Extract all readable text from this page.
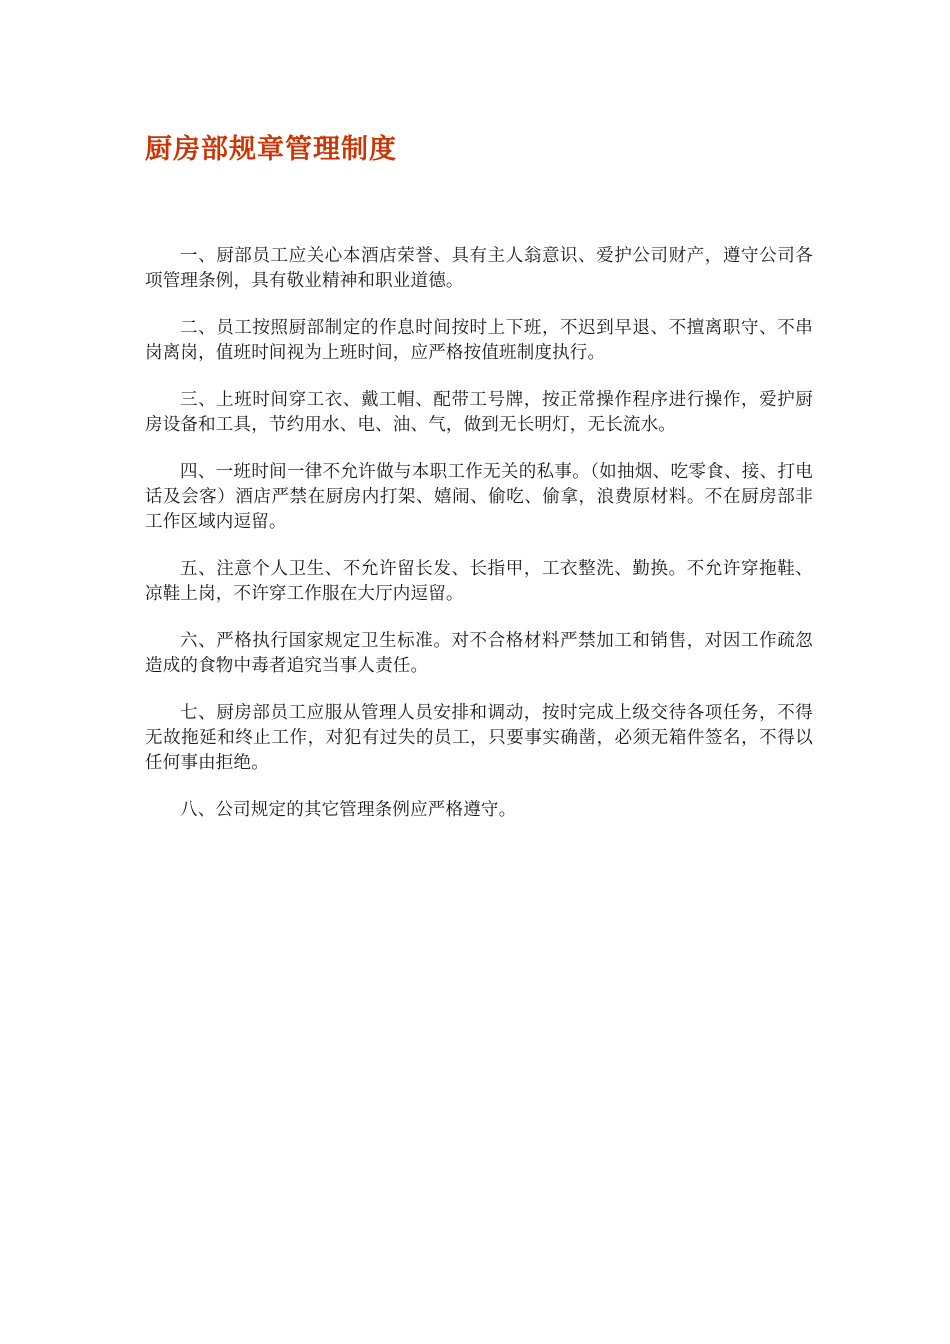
厨房部规章管理制度

一、厨部员工应关心本酒店荣誉、具有主人翁意识、爱护公司财产，遵守公司各项管理条例，具有敬业精神和职业道德。

二、员工按照厨部制定的作息时间按时上下班，不迟到早退、不擅离职守、不串岗离岗，值班时间视为上班时间，应严格按值班制度执行。

三、上班时间穿工衣、戴工帽、配带工号牌，按正常操作程序进行操作，爱护厨房设备和工具，节约用水、电、油、气，做到无长明灯，无长流水。

四、一班时间一律不允许做与本职工作无关的私事。（如抽烟、吃零食、接、打电话及会客）酒店严禁在厨房内打架、嬉闹、偷吃、偷拿，浪费原材料。不在厨房部非工作区域内逗留。

五、注意个人卫生、不允许留长发、长指甲，工衣整洗、勤换。不允许穿拖鞋、凉鞋上岗，不许穿工作服在大厅内逗留。

六、严格执行国家规定卫生标准。对不合格材料严禁加工和销售，对因工作疏忽造成的食物中毒者追究当事人责任。

七、厨房部员工应服从管理人员安排和调动，按时完成上级交待各项任务，不得无故拖延和终止工作，对犯有过失的员工，只要事实确凿，必须无箱件签名，不得以任何事由拒绝。

八、公司规定的其它管理条例应严格遵守。
